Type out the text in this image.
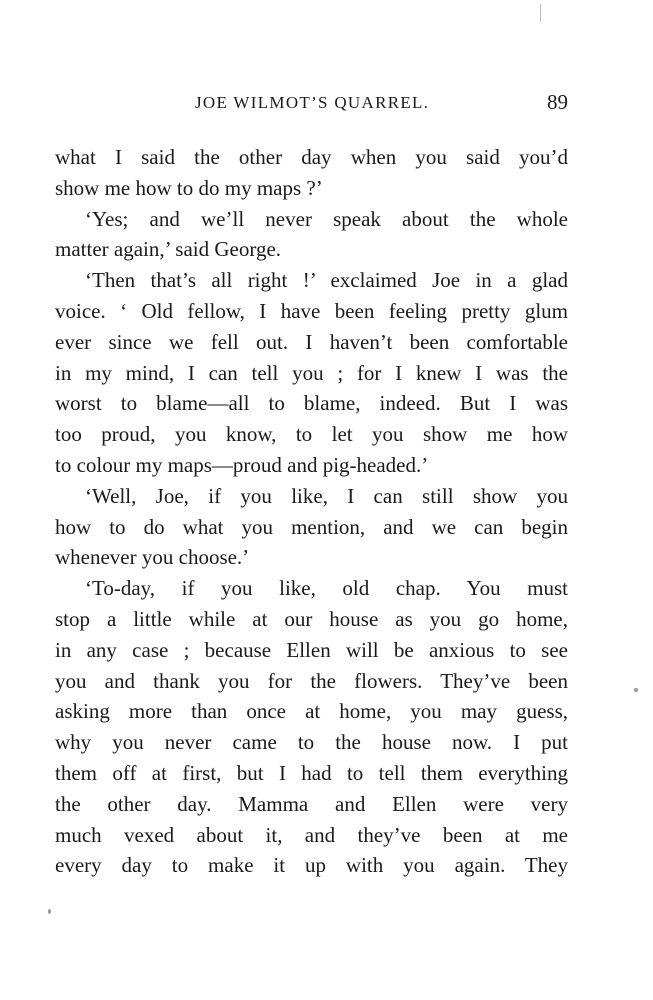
JOE WILMOT’S QUARREL.	89
what I said the other day when you said you’d
show me how to do my maps ?’
‘Yes; and we’ll never speak about the whole
matter again,’ said George.
‘Then that’s all right !’ exclaimed Joe in a glad
voice. ‘ Old fellow, I have been feeling pretty glum
ever since we fell out. I haven’t been comfortable
in my mind, I can tell you ; for I knew I was the
worst to blame—all to blame, indeed. But I was
too proud, you know, to let you show me how
to colour my maps—proud and pig-headed.’
‘Well, Joe, if you like, I can still show you
how to do what you mention, and we can begin
whenever you choose.’
‘To-day, if you like, old chap. You must
stop a little while at our house as you go home,
in any case ; because Ellen will be anxious to see
you and thank you for the flowers. They’ve been
asking more than once at home, you may guess,
why you never came to the house now. I put
them off at first, but I had to tell them everything
the other day. Mamma and Ellen were very
much vexed about it, and they’ve been at me
every day to make it up with you again. They
